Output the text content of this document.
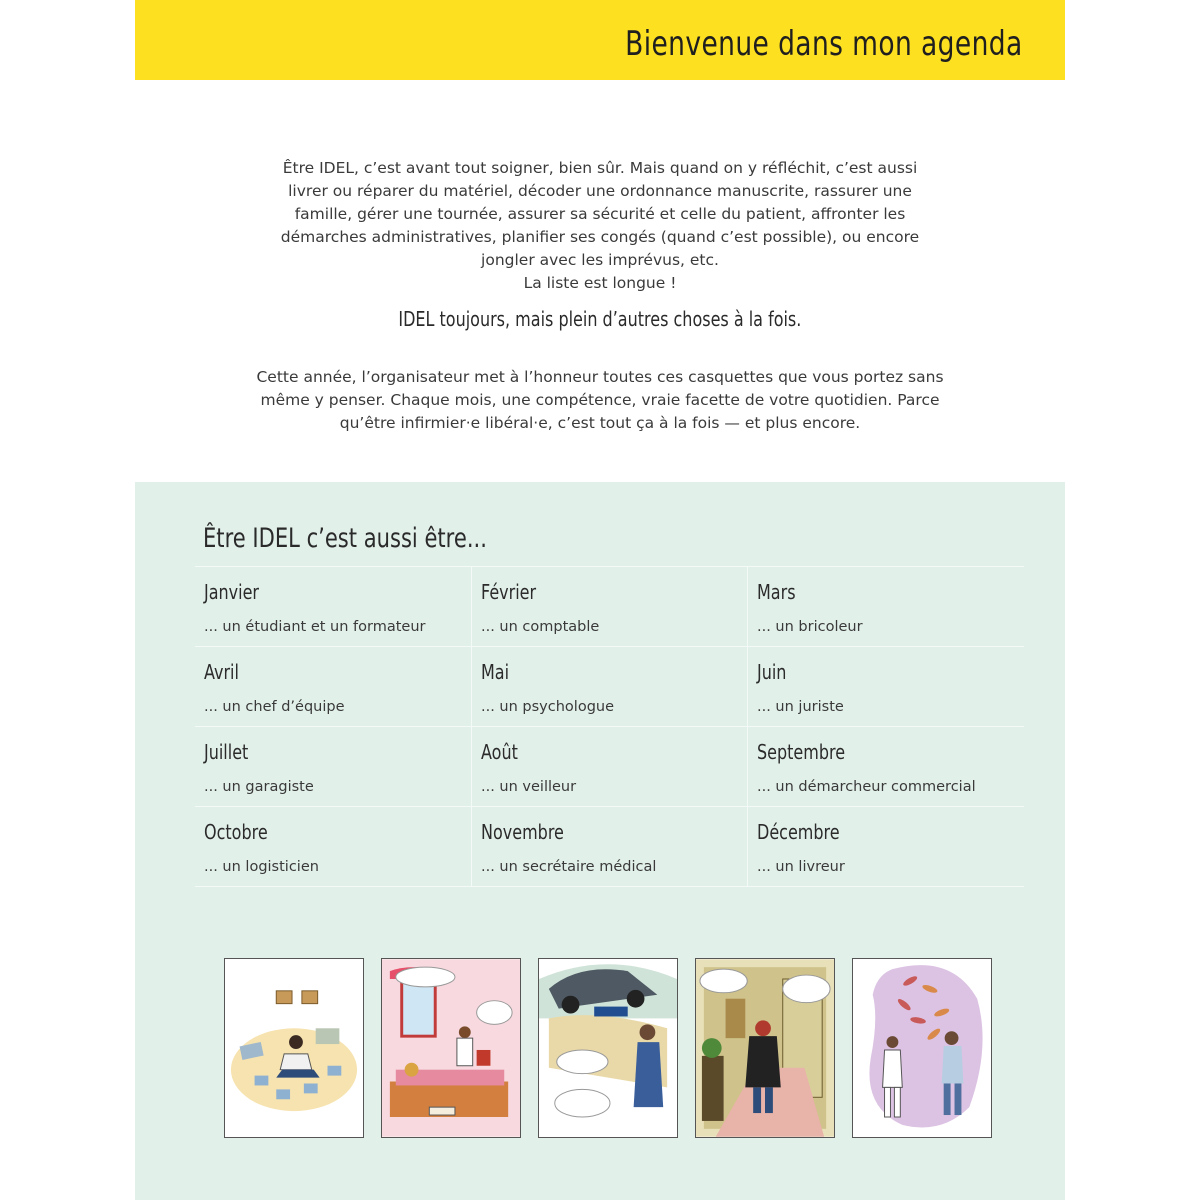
Bienvenue dans mon agenda

Être IDEL, c’est avant tout soigner, bien sûr. Mais quand on y réfléchit, c’est aussi livrer ou réparer du matériel, décoder une ordonnance manuscrite, rassurer une famille, gérer une tournée, assurer sa sécurité et celle du patient, affronter les démarches administratives, planifier ses congés (quand c’est possible), ou encore jongler avec les imprévus, etc.

La liste est longue !

IDEL toujours, mais plein d’autres choses à la fois.

Cette année, l’organisateur met à l’honneur toutes ces casquettes que vous portez sans même y penser. Chaque mois, une compétence, vraie facette de votre quotidien. Parce qu’être infirmier·e libéral·e, c’est tout ça à la fois — et plus encore.

Être IDEL c’est aussi être...
Janvier
... un étudiant et un formateur
Février
... un comptable
Mars
... un bricoleur
Avril
... un chef d’équipe
Mai
... un psychologue
Juin
... un juriste
Juillet
... un garagiste
Août
... un veilleur
Septembre
... un démarcheur commercial
Octobre
... un logisticien
Novembre
... un secrétaire médical
Décembre
... un livreur
